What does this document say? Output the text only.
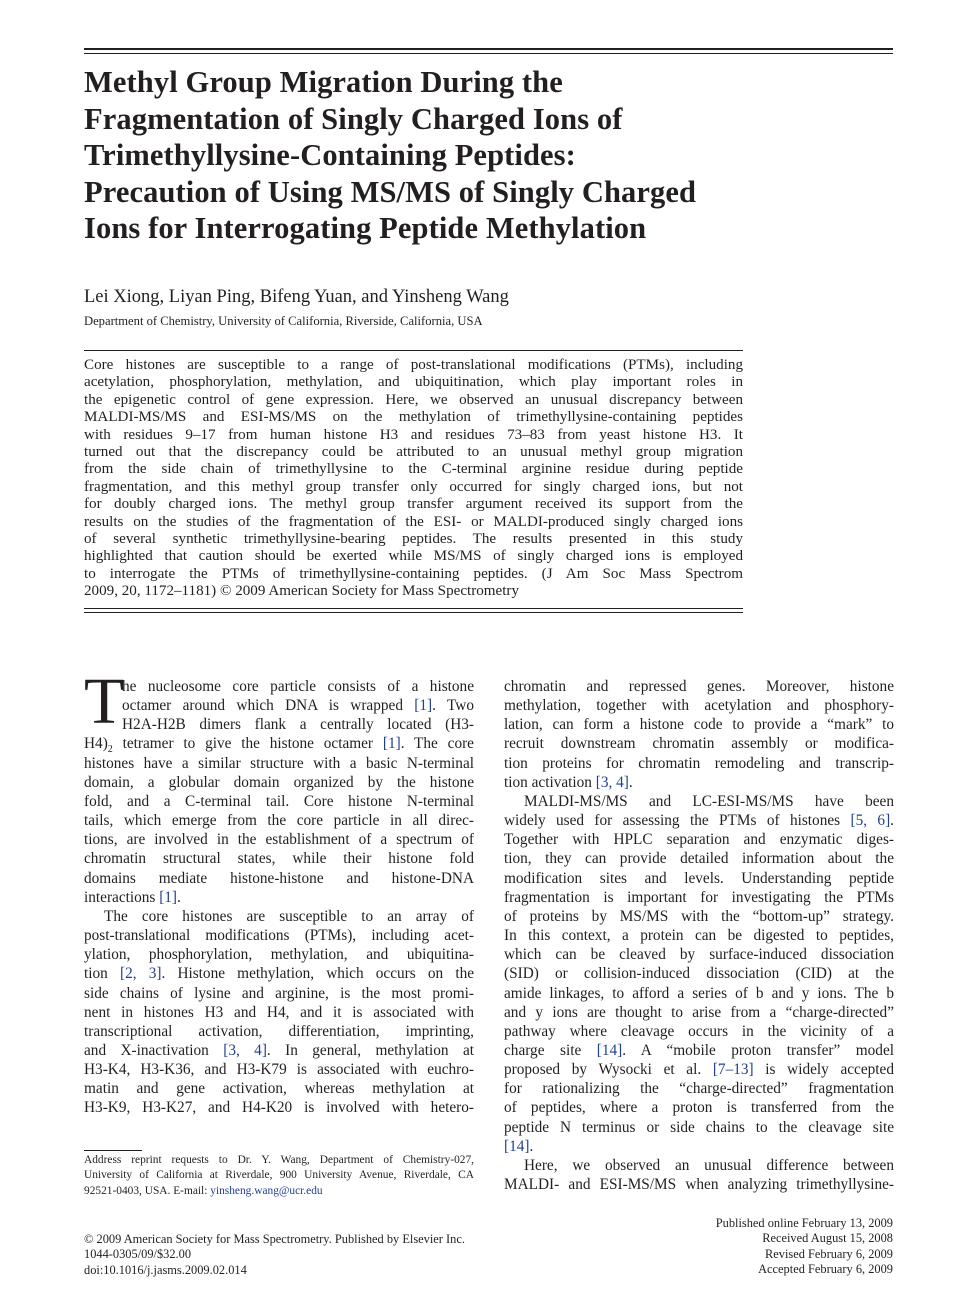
Methyl Group Migration During the
Fragmentation of Singly Charged Ions of
Trimethyllysine-Containing Peptides:
Precaution of Using MS/MS of Singly Charged
Ions for Interrogating Peptide Methylation
Lei Xiong, Liyan Ping, Bifeng Yuan, and Yinsheng Wang
Department of Chemistry, University of California, Riverside, California, USA
Core histones are susceptible to a range of post-translational modifications (PTMs), including
acetylation, phosphorylation, methylation, and ubiquitination, which play important roles in
the epigenetic control of gene expression. Here, we observed an unusual discrepancy between
MALDI-MS/MS and ESI-MS/MS on the methylation of trimethyllysine-containing peptides
with residues 9–17 from human histone H3 and residues 73–83 from yeast histone H3. It
turned out that the discrepancy could be attributed to an unusual methyl group migration
from the side chain of trimethyllysine to the C-terminal arginine residue during peptide
fragmentation, and this methyl group transfer only occurred for singly charged ions, but not
for doubly charged ions. The methyl group transfer argument received its support from the
results on the studies of the fragmentation of the ESI- or MALDI-produced singly charged ions
of several synthetic trimethyllysine-bearing peptides. The results presented in this study
highlighted that caution should be exerted while MS/MS of singly charged ions is employed
to interrogate the PTMs of trimethyllysine-containing peptides. (J Am Soc Mass Spectrom
2009, 20, 1172–1181) © 2009 American Society for Mass Spectrometry
T
he nucleosome core particle consists of a histone
octamer around which DNA is wrapped [1]. Two
H2A-H2B dimers flank a centrally located (H3-
$H4)_2$ tetramer to give the histone octamer [1]. The core
histones have a similar structure with a basic N-terminal
domain, a globular domain organized by the histone
fold, and a C-terminal tail. Core histone N-terminal
tails, which emerge from the core particle in all direc-
tions, are involved in the establishment of a spectrum of
chromatin structural states, while their histone fold
domains mediate histone-histone and histone-DNA
interactions [1].
The core histones are susceptible to an array of
post-translational modifications (PTMs), including acet-
ylation, phosphorylation, methylation, and ubiquitina-
tion [2, 3]. Histone methylation, which occurs on the
side chains of lysine and arginine, is the most promi-
nent in histones H3 and H4, and it is associated with
transcriptional activation, differentiation, imprinting,
and X-inactivation [3, 4]. In general, methylation at
H3-K4, H3-K36, and H3-K79 is associated with euchro-
matin and gene activation, whereas methylation at
H3-K9, H3-K27, and H4-K20 is involved with hetero-
chromatin and repressed genes. Moreover, histone
methylation, together with acetylation and phosphory-
lation, can form a histone code to provide a “mark” to
recruit downstream chromatin assembly or modifica-
tion proteins for chromatin remodeling and transcrip-
tion activation [3, 4].
MALDI-MS/MS and LC-ESI-MS/MS have been
widely used for assessing the PTMs of histones [5, 6].
Together with HPLC separation and enzymatic diges-
tion, they can provide detailed information about the
modification sites and levels. Understanding peptide
fragmentation is important for investigating the PTMs
of proteins by MS/MS with the “bottom-up” strategy.
In this context, a protein can be digested to peptides,
which can be cleaved by surface-induced dissociation
(SID) or collision-induced dissociation (CID) at the
amide linkages, to afford a series of b and y ions. The b
and y ions are thought to arise from a “charge-directed”
pathway where cleavage occurs in the vicinity of a
charge site [14]. A “mobile proton transfer” model
proposed by Wysocki et al. [7–13] is widely accepted
for rationalizing the “charge-directed” fragmentation
of peptides, where a proton is transferred from the
peptide N terminus or side chains to the cleavage site
[14].
Here, we observed an unusual difference between
MALDI- and ESI-MS/MS when analyzing trimethyllysine-
Address reprint requests to Dr. Y. Wang, Department of Chemistry-027,
University of California at Riverdale, 900 University Avenue, Riverdale, CA
92521-0403, USA. E-mail: yinsheng.wang@ucr.edu
© 2009 American Society for Mass Spectrometry. Published by Elsevier Inc.
1044-0305/09/$32.00
doi:10.1016/j.jasms.2009.02.014
Published online February 13, 2009
Received August 15, 2008
Revised February 6, 2009
Accepted February 6, 2009
